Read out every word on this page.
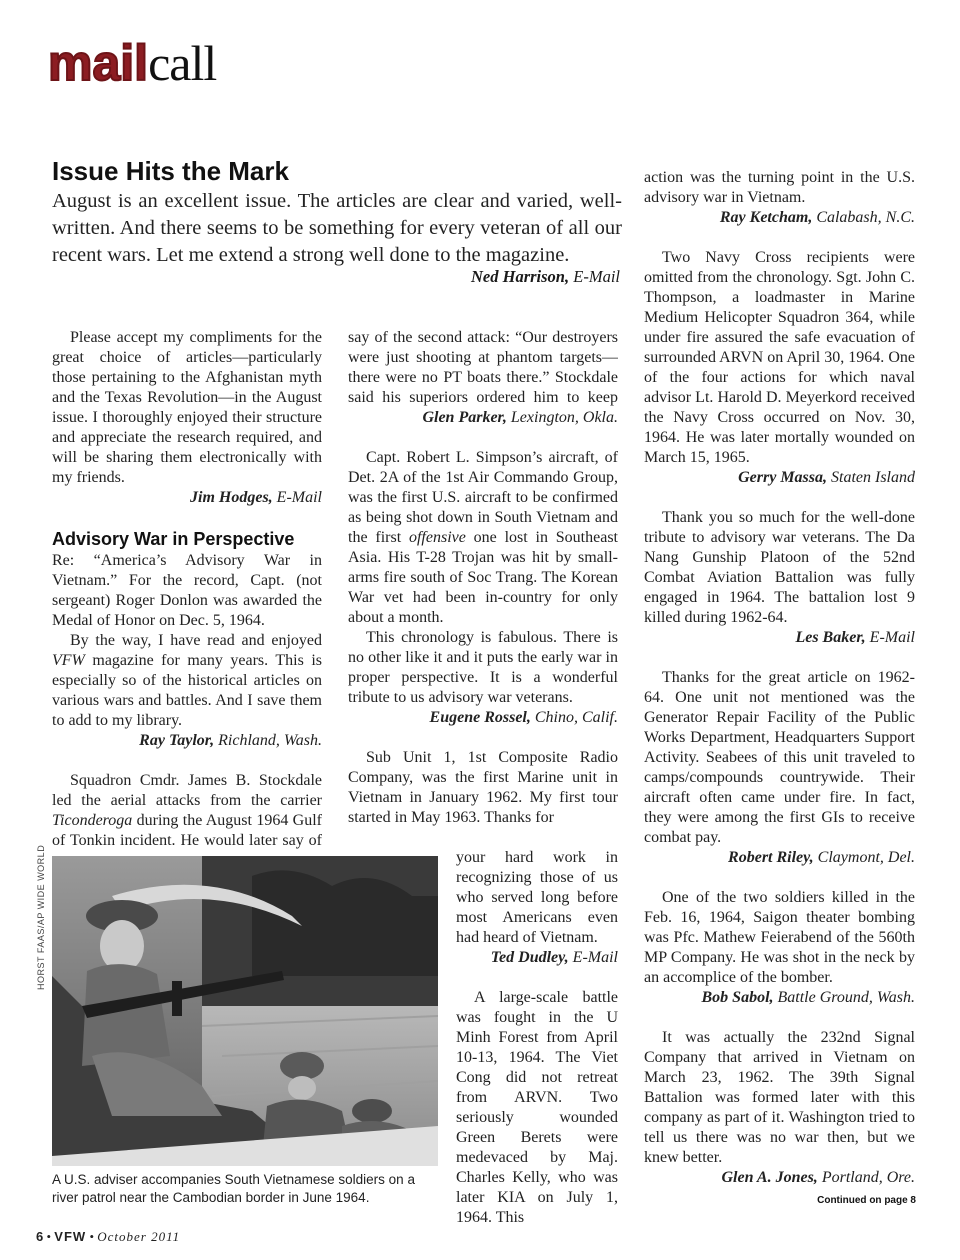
mailcall
Issue Hits the Mark

August is an excellent issue. The articles are clear and varied, well-written. And there seems to be something for every veteran of all our recent wars. Let me extend a strong well done to the magazine.

Ned Harrison, E-Mail

Please accept my compliments for the great choice of articles—particularly those pertaining to the Afghanistan myth and the Texas Revolution—in the August issue. I thoroughly enjoyed their structure and appreciate the research required, and will be sharing them electronically with my friends.

Jim Hodges, E-Mail
Advisory War in Perspective

Re: “America’s Advisory War in Vietnam.” For the record, Capt. (not sergeant) Roger Donlon was awarded the Medal of Honor on Dec. 5, 1964.

By the way, I have read and enjoyed VFW magazine for many years. This is especially so of the historical articles on various wars and battles. And I save them to add to my library.

Ray Taylor, Richland, Wash.

Squadron Cmdr. James B. Stockdale led the aerial attacks from the carrier Ticonderoga during the August 1964 Gulf of Tonkin incident. He would later say of

say of the second attack: “Our destroyers were just shooting at phantom targets—there were no PT boats there.” Stockdale said his superiors ordered him to keep

Glen Parker, Lexington, Okla.

Capt. Robert L. Simpson’s aircraft, of Det. 2A of the 1st Air Commando Group, was the first U.S. aircraft to be confirmed as being shot down in South Vietnam and the first offensive one lost in Southeast Asia. His T-28 Trojan was hit by small-arms fire south of Soc Trang. The Korean War vet had been in-country for only about a month.

This chronology is fabulous. There is no other like it and it puts the early war in proper perspective. It is a wonderful tribute to us advisory war veterans.

Eugene Rossel, Chino, Calif.

Sub Unit 1, 1st Composite Radio Company, was the first Marine unit in Vietnam in January 1962. My first tour started in May 1963. Thanks for

your hard work in recognizing those of us who served long before most Americans even had heard of Vietnam.

Ted Dudley, E-Mail

A large-scale battle was fought in the U Minh Forest from April 10-13, 1964. The Viet Cong did not retreat from ARVN. Two seriously wounded Green Berets were medevaced by Maj. Charles Kelly, who was later KIA on July 1, 1964. This

action was the turning point in the U.S. advisory war in Vietnam.

Ray Ketcham, Calabash, N.C.

Two Navy Cross recipients were omitted from the chronology. Sgt. John C. Thompson, a loadmaster in Marine Medium Helicopter Squadron 364, while under fire assured the safe evacuation of surrounded ARVN on April 30, 1964. One of the four actions for which naval advisor Lt. Harold D. Meyerkord received the Navy Cross occurred on Nov. 30, 1964. He was later mortally wounded on March 15, 1965.

Gerry Massa, Staten Island

Thank you so much for the well-done tribute to advisory war veterans. The Da Nang Gunship Platoon of the 52nd Combat Aviation Battalion was fully engaged in 1964. The battalion lost 9 killed during 1962-64.

Les Baker, E-Mail

Thanks for the great article on 1962-64. One unit not mentioned was the Generator Repair Facility of the Public Works Department, Headquarters Support Activity. Seabees of this unit traveled to camps/compounds countrywide. Their aircraft often came under fire. In fact, they were among the first GIs to receive combat pay.

Robert Riley, Claymont, Del.

One of the two soldiers killed in the Feb. 16, 1964, Saigon theater bombing was Pfc. Mathew Feierabend of the 560th MP Company. He was shot in the neck by an accomplice of the bomber.

Bob Sabol, Battle Ground, Wash.

It was actually the 232nd Signal Company that arrived in Vietnam on March 23, 1962. The 39th Signal Battalion was formed later with this company as part of it. Washington tried to tell us there was no war then, but we knew better.

Glen A. Jones, Portland, Ore.
HORST FAAS/AP WIDE WORLD

A U.S. adviser accompanies South Vietnamese soldiers on a river patrol near the Cambodian border in June 1964.	Continued on page 8
6 • VFW • October 2011
